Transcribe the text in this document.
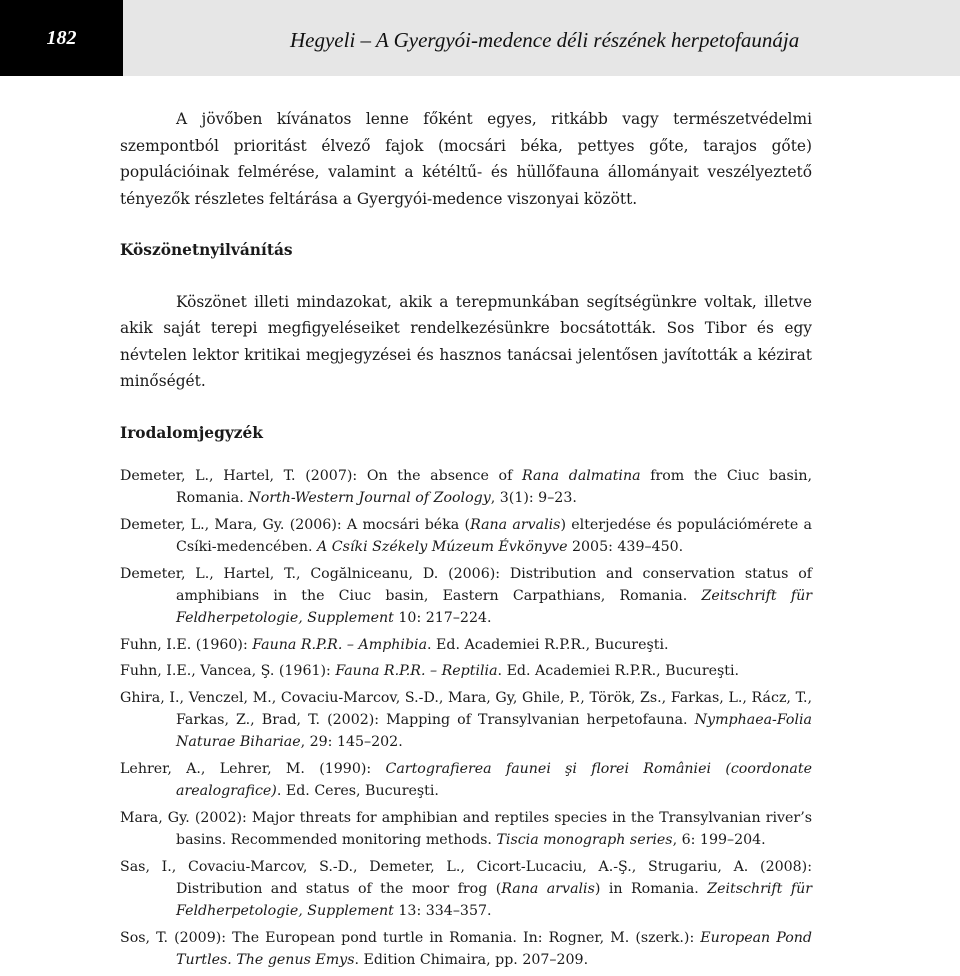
182	Hegyeli – A Gyergyói-medence déli részének herpetofaunája

A jövőben kívánatos lenne főként egyes, ritkább vagy természetvédelmi szempontból prioritást élvező fajok (mocsári béka, pettyes gőte, tarajos gőte) populációinak felmérése, valamint a kétéltű- és hüllőfauna állományait veszélyeztető tényezők részletes feltárása a Gyergyói-medence viszonyai között.

Köszönetnyilvánítás

Köszönet illeti mindazokat, akik a terepmunkában segítségünkre voltak, illetve akik saját terepi megfigyeléseiket rendelkezésünkre bocsátották. Sos Tibor és egy névtelen lektor kritikai megjegyzései és hasznos tanácsai jelentősen javították a kézirat minőségét.

Irodalomjegyzék

Demeter, L., Hartel, T. (2007): On the absence of Rana dalmatina from the Ciuc basin, Romania. North-Western Journal of Zoology, 3(1): 9–23.

Demeter, L., Mara, Gy. (2006): A mocsári béka (Rana arvalis) elterjedése és populációmérete a Csíki-medencében. A Csíki Székely Múzeum Évkönyve 2005: 439–450.

Demeter, L., Hartel, T., Cogălniceanu, D. (2006): Distribution and conservation status of amphibians in the Ciuc basin, Eastern Carpathians, Romania. Zeitschrift für Feldherpetologie, Supplement 10: 217–224.

Fuhn, I.E. (1960): Fauna R.P.R. – Amphibia. Ed. Academiei R.P.R., Bucureşti.

Fuhn, I.E., Vancea, Ş. (1961): Fauna R.P.R. – Reptilia. Ed. Academiei R.P.R., Bucureşti.

Ghira, I., Venczel, M., Covaciu-Marcov, S.-D., Mara, Gy, Ghile, P., Török, Zs., Farkas, L., Rácz, T., Farkas, Z., Brad, T. (2002): Mapping of Transylvanian herpetofauna. Nymphaea-Folia Naturae Bihariae, 29: 145–202.

Lehrer, A., Lehrer, M. (1990): Cartografierea faunei şi florei României (coordonate arealografice). Ed. Ceres, Bucureşti.

Mara, Gy. (2002): Major threats for amphibian and reptiles species in the Transylvanian river’s basins. Recommended monitoring methods. Tiscia monograph series, 6: 199–204.

Sas, I., Covaciu-Marcov, S.-D., Demeter, L., Cicort-Lucaciu, A.-Ş., Strugariu, A. (2008): Distribution and status of the moor frog (Rana arvalis) in Romania. Zeitschrift für Feldherpetologie, Supplement 13: 334–357.

Sos, T. (2009): The European pond turtle in Romania. In: Rogner, M. (szerk.): European Pond Turtles. The genus Emys. Edition Chimaira, pp. 207–209.
